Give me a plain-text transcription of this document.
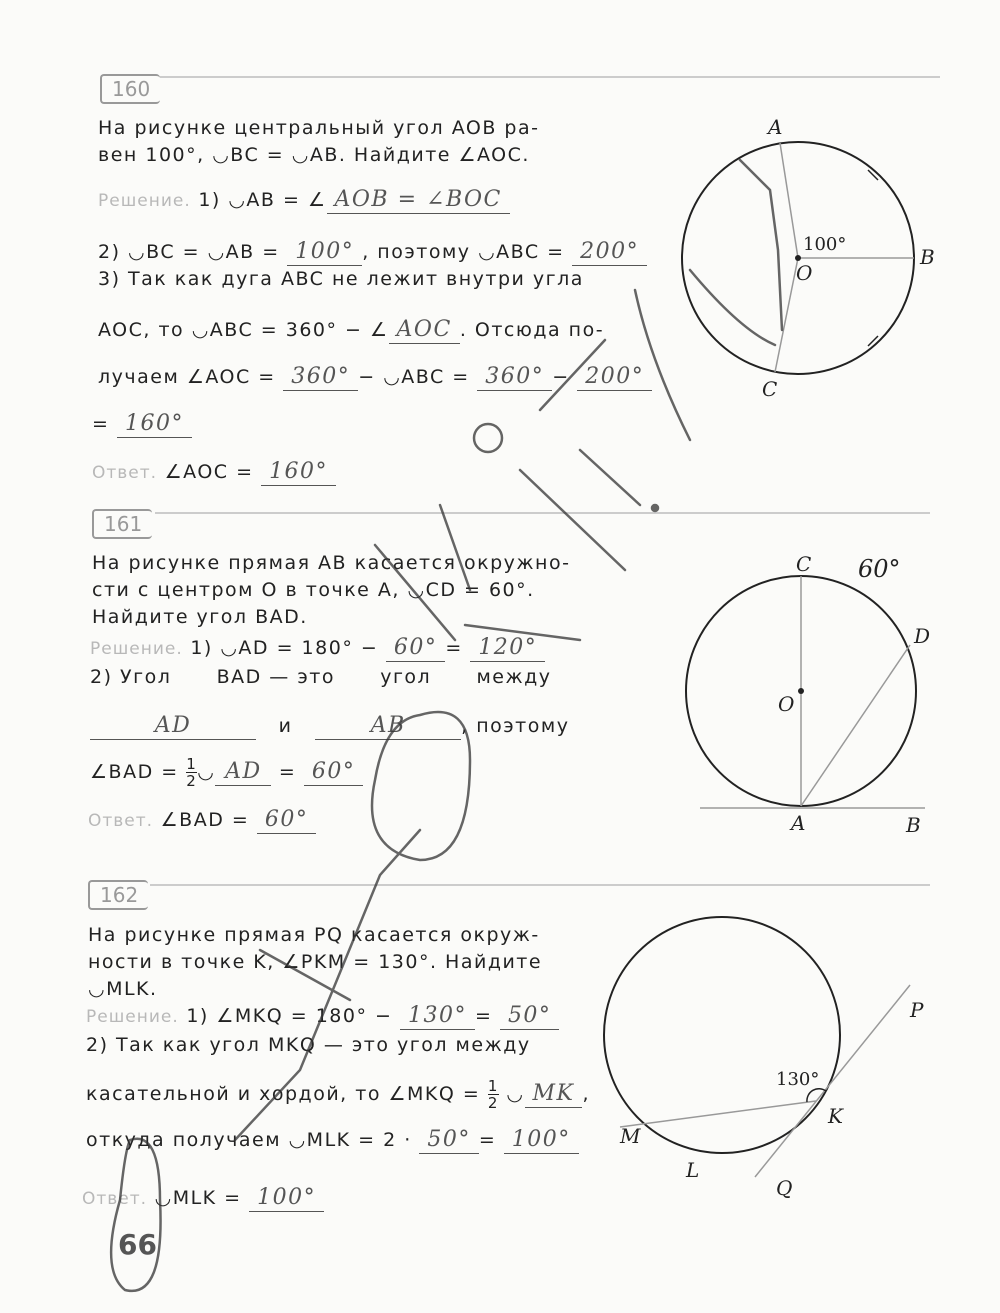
160
На рисунке центральный угол AOB ра-
вен 100°, ◡BC = ◡AB. Найдите ∠AOC.
Решение. 1) ◡AB = ∠ AOB = ∠BOC
2) ◡BC = ◡AB = 100° , поэтому ◡ABC = 200°
3) Так как дуга ABC не лежит внутри угла
AOC, то ◡ABC = 360° − ∠ AOC . Отсюда по-
лучаем ∠AOC = 360° − ◡ABC = 360° − 200°
= 160°
Ответ. ∠AOC = 160°
A
B
C
O
100°
161
На рисунке прямая AB касается окружно-
сти с центром O в точке A, ◡CD = 60°.
Найдите угол BAD.
Решение. 1) ◡AD = 180° − 60° = 120°
2) Угол      BAD — это      угол      между
AD	и	AB	, поэтому
∠BAD = $\frac{1}{2}$ ◡ AD = 60°
Ответ. ∠BAD = 60°
C
D
O
A	B
60°
162
На рисунке прямая PQ касается окруж-
ности в точке K, ∠PKM = 130°. Найдите
◡MLK.
Решение. 1) ∠MKQ = 180° − 130° = 50°
2) Так как угол MKQ — это угол между
касательной и хордой, то ∠MKQ = $\frac{1}{2}$ ◡ MK ,
откуда получаем ◡MLK = 2 · 50° = 100°
Ответ. ◡MLK = 100°
P
Q
K
M
L
130°
66
